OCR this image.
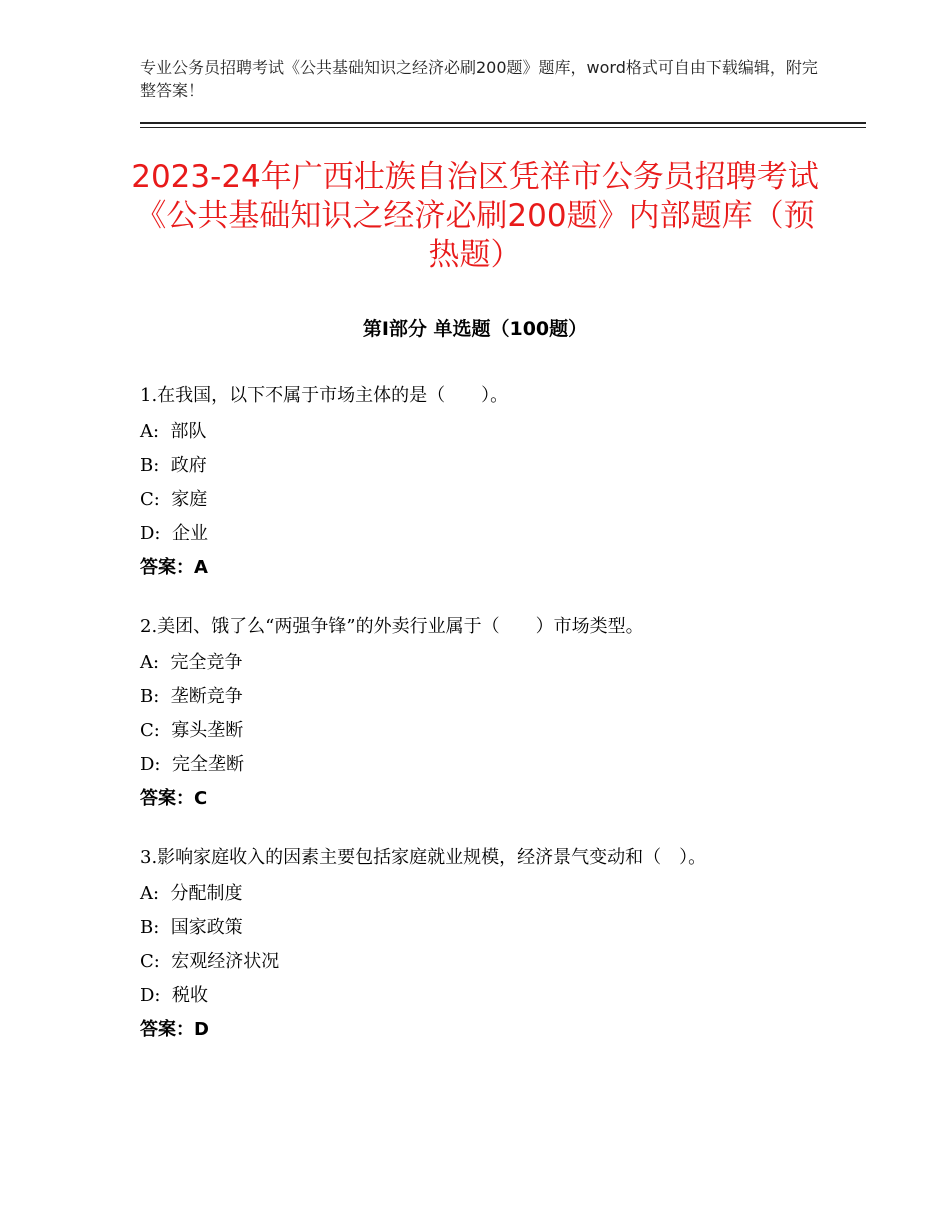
专业公务员招聘考试《公共基础知识之经济必刷200题》题库，word格式可自由下载编辑，附完整答案！
2023-24年广西壮族自治区凭祥市公务员招聘考试《公共基础知识之经济必刷200题》内部题库（预热题）
第Ⅰ部分 单选题（100题）
1.在我国，以下不属于市场主体的是（　　）。
A:  部队
B:  政府
C:  家庭
D:  企业
答案：A
2.美团、饿了么“两强争锋”的外卖行业属于（　　）市场类型。
A:  完全竞争
B:  垄断竞争
C:  寡头垄断
D:  完全垄断
答案：C
3.影响家庭收入的因素主要包括家庭就业规模，经济景气变动和（　）。
A:  分配制度
B:  国家政策
C:  宏观经济状况
D:  税收
答案：D
